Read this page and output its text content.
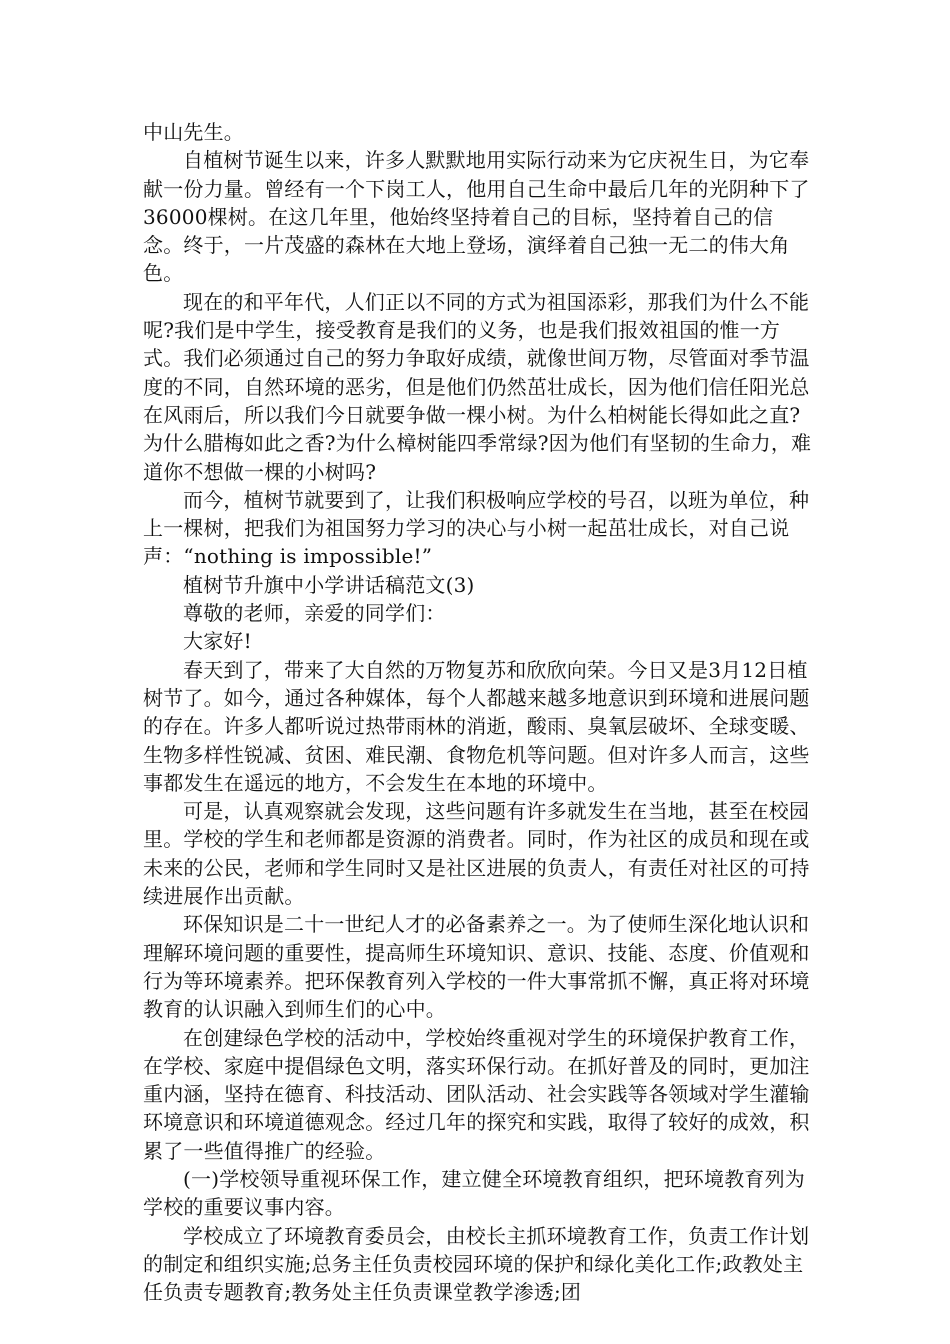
中山先生。

自植树节诞生以来，许多人默默地用实际行动来为它庆祝生日，为它奉献一份力量。曾经有一个下岗工人，他用自己生命中最后几年的光阴种下了36000棵树。在这几年里，他始终坚持着自己的目标，坚持着自己的信念。终于，一片茂盛的森林在大地上登场，演绎着自己独一无二的伟大角色。

现在的和平年代，人们正以不同的方式为祖国添彩，那我们为什么不能呢?我们是中学生，接受教育是我们的义务，也是我们报效祖国的惟一方式。我们必须通过自己的努力争取好成绩，就像世间万物，尽管面对季节温度的不同，自然环境的恶劣，但是他们仍然茁壮成长，因为他们信任阳光总在风雨后，所以我们今日就要争做一棵小树。为什么柏树能长得如此之直?为什么腊梅如此之香?为什么樟树能四季常绿?因为他们有坚韧的生命力，难道你不想做一棵的小树吗?

而今，植树节就要到了，让我们积极响应学校的号召，以班为单位，种上一棵树，把我们为祖国努力学习的决心与小树一起茁壮成长，对自己说声：“nothing is impossible!”

植树节升旗中小学讲话稿范文(3)

尊敬的老师，亲爱的同学们：

大家好!

春天到了，带来了大自然的万物复苏和欣欣向荣。今日又是3月12日植树节了。如今，通过各种媒体，每个人都越来越多地意识到环境和进展问题的存在。许多人都听说过热带雨林的消逝，酸雨、臭氧层破坏、全球变暖、生物多样性锐减、贫困、难民潮、食物危机等问题。但对许多人而言，这些事都发生在遥远的地方，不会发生在本地的环境中。

可是，认真观察就会发现，这些问题有许多就发生在当地，甚至在校园里。学校的学生和老师都是资源的消费者。同时，作为社区的成员和现在或未来的公民，老师和学生同时又是社区进展的负责人，有责任对社区的可持续进展作出贡献。

环保知识是二十一世纪人才的必备素养之一。为了使师生深化地认识和理解环境问题的重要性，提高师生环境知识、意识、技能、态度、价值观和行为等环境素养。把环保教育列入学校的一件大事常抓不懈，真正将对环境教育的认识融入到师生们的心中。

在创建绿色学校的活动中，学校始终重视对学生的环境保护教育工作，在学校、家庭中提倡绿色文明，落实环保行动。在抓好普及的同时，更加注重内涵，坚持在德育、科技活动、团队活动、社会实践等各领域对学生灌输环境意识和环境道德观念。经过几年的探究和实践，取得了较好的成效，积累了一些值得推广的经验。

(一)学校领导重视环保工作，建立健全环境教育组织，把环境教育列为学校的重要议事内容。

学校成立了环境教育委员会，由校长主抓环境教育工作，负责工作计划的制定和组织实施;总务主任负责校园环境的保护和绿化美化工作;政教处主任负责专题教育;教务处主任负责课堂教学渗透;团
